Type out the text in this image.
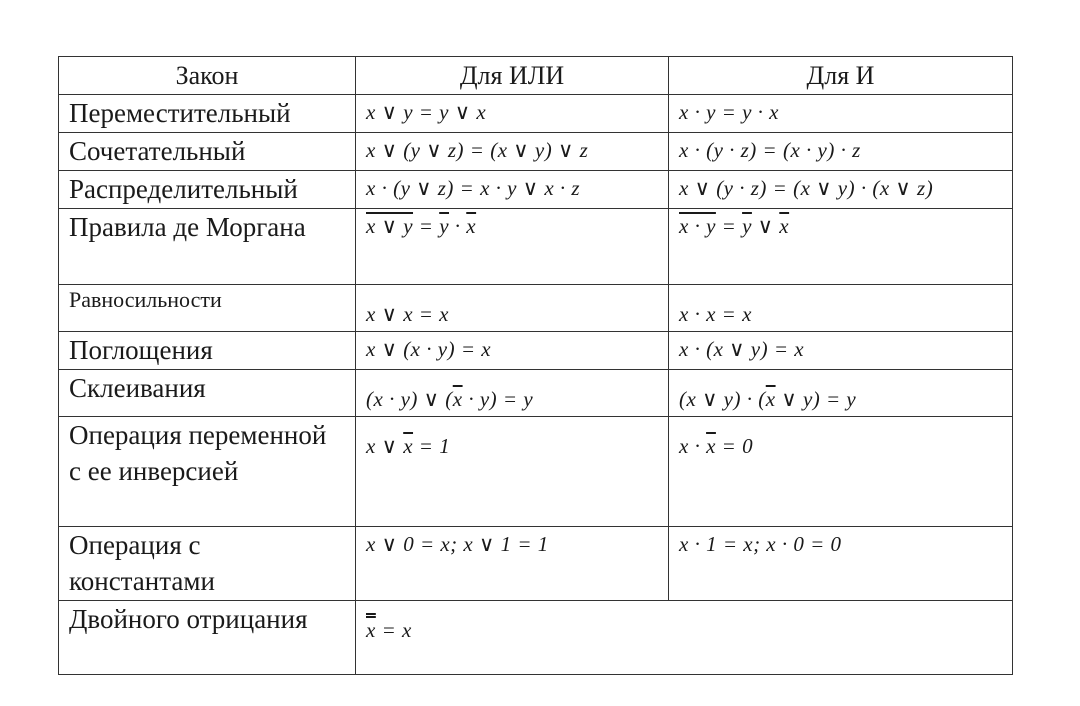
Закон	Для ИЛИ	Для И
Переместительный	x ∨ y = y ∨ x	x · y = y · x
Сочетательный	x ∨ (y ∨ z) = (x ∨ y) ∨ z	x · (y · z) = (x · y) · z
Распределительный	x · (y ∨ z) = x · y ∨ x · z	x ∨ (y · z) = (x ∨ y) · (x ∨ z)
Правила де Моргана	x ∨ $y = \overline{y} \cdot \overline{x}$	$x \cdot y = \overline{y}$ ∨ $\overline{x}$
Равносильности	x ∨ x = x	x · x = x
Поглощения	x ∨ (x · y) = x	x · (x ∨ y) = x
Склеивания	(x · y) ∨ $(\overline{x} \cdot y) = y$	(x ∨ $y) \cdot (\overline{x}$ ∨ y) = y
Операция переменной с ее инверсией	x ∨ $\overline{x} = 1$	$x \cdot \overline{x} = 0$
Операция с константами	x ∨ 0 = x; x ∨ 1 = 1	x · 1 = x; x · 0 = 0
Двойного отрицания	x = x	
